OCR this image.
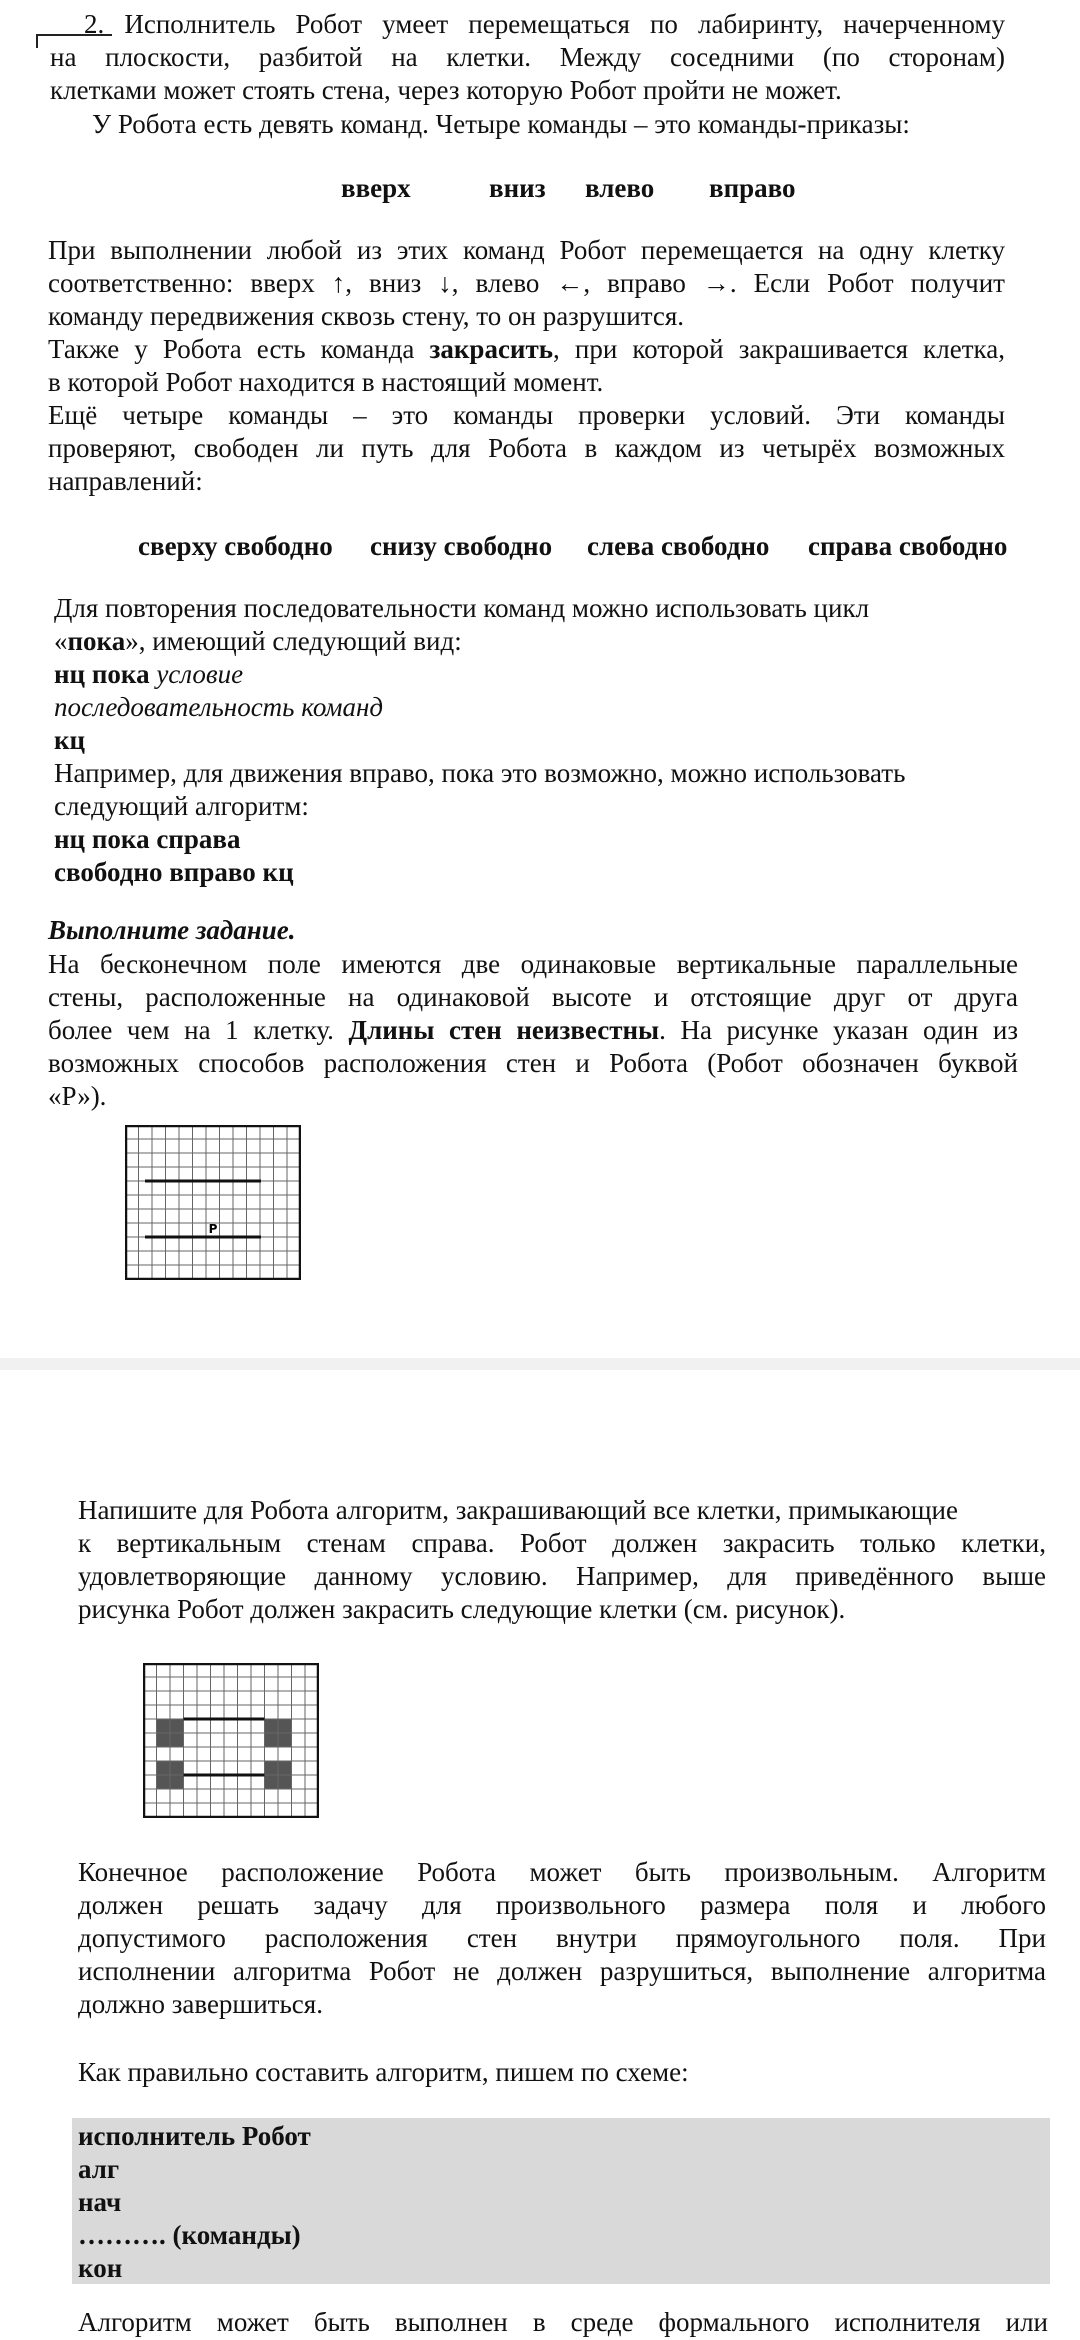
2. Исполнитель Робот умеет перемещаться по лабиринту, начерченному
на плоскости, разбитой на клетки. Между соседними (по сторонам)
клетками может стоять стена, через которую Робот пройти не может.
У Робота есть девять команд. Четыре команды – это команды-приказы:
вверх	вниз влево вправо
При выполнении любой из этих команд Робот перемещается на одну клетку
соответственно: вверх ↑, вниз ↓, влево ←, вправо →. Если Робот получит
команду передвижения сквозь стену, то он разрушится.
Также у Робота есть команда закрасить, при которой закрашивается клетка,
в которой Робот находится в настоящий момент.
Ещё четыре команды – это команды проверки условий. Эти команды
проверяют, свободен ли путь для Робота в каждом из четырёх возможных
направлений:
сверху свободно снизу свободно слева свободно справа свободно
Для повторения последовательности команд можно использовать цикл
«пока», имеющий следующий вид:
нц пока условие
последовательность команд
кц
Например, для движения вправо, пока это возможно, можно использовать
следующий алгоритм:
нц пока справа
свободно вправо кц
Выполните задание.
На бесконечном поле имеются две одинаковые вертикальные параллельные
стены, расположенные на одинаковой высоте и отстоящие друг от друга
более чем на 1 клетку. Длины стен неизвестны. На рисунке указан один из
возможных способов расположения стен и Робота (Робот обозначен буквой
«Р»).
Р
Напишите для Робота алгоритм, закрашивающий все клетки, примыкающие
к вертикальным стенам справа. Робот должен закрасить только клетки,
удовлетворяющие данному условию. Например, для приведённого выше
рисунка Робот должен закрасить следующие клетки (см. рисунок).
Конечное расположение Робота может быть произвольным. Алгоритм
должен решать задачу для произвольного размера поля и любого
допустимого расположения стен внутри прямоугольного поля. При
исполнении алгоритма Робот не должен разрушиться, выполнение алгоритма
должно завершиться.
Как правильно составить алгоритм, пишем по схеме:
исполнитель Робот
алг
нач
………. (команды)
кон
Алгоритм может быть выполнен в среде формального исполнителя или
